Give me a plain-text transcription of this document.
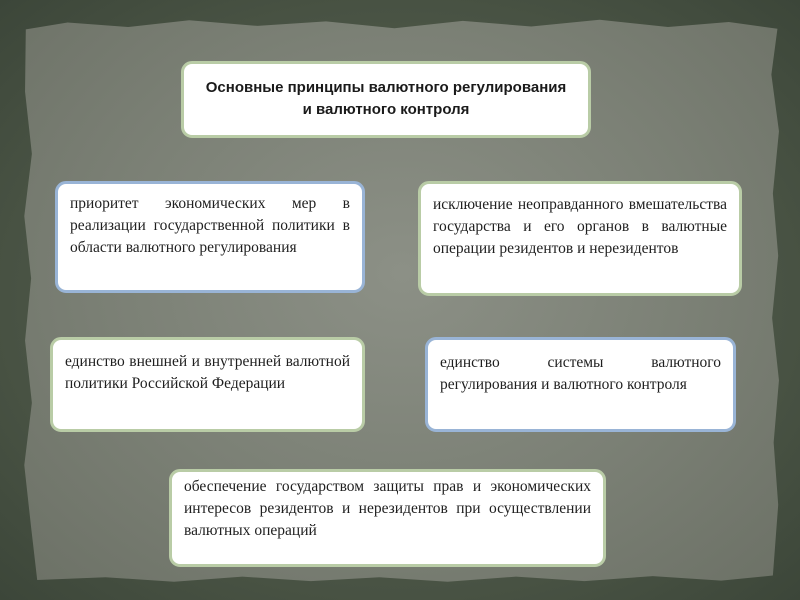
Основные принципы валютного регулирования и валютного контроля
приоритет экономических мер в реализации государственной политики в области валютного регулирования
исключение неоправданного вмешательства государства и его органов в валютные операции резидентов и нерезидентов
единство внешней и внутренней валютной политики Российской Федерации
единство системы валютного регулирования и валютного контроля
обеспечение государством защиты прав и экономических интересов резидентов и нерезидентов при осуществлении валютных операций
